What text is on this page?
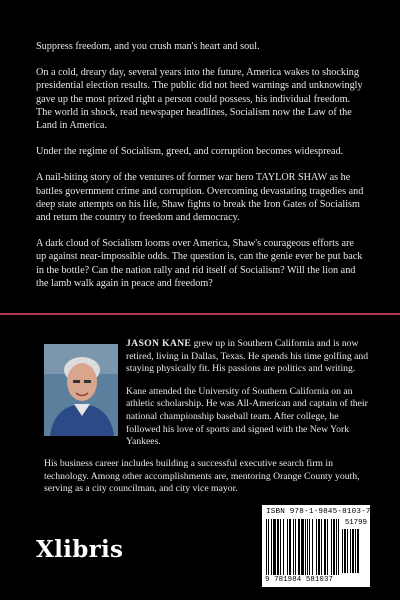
Suppress freedom, and you crush man's heart and soul.

On a cold, dreary day, several years into the future, America wakes to shocking presidential election results. The public did not heed warnings and unknowingly gave up the most prized right a person could possess, his individual freedom. The world in shock, read newspaper headlines, Socialism now the Law of the Land in America.

Under the regime of Socialism, greed, and corruption becomes widespread.

A nail-biting story of the ventures of former war hero TAYLOR SHAW as he battles government crime and corruption. Overcoming devastating tragedies and deep state attempts on his life, Shaw fights to break the Iron Gates of Socialism and return the country to freedom and democracy.

A dark cloud of Socialism looms over America, Shaw's courageous efforts are up against near-impossible odds. The question is, can the genie ever be put back in the bottle? Can the nation rally and rid itself of Socialism? Will the lion and the lamb walk again in peace and freedom?

JASON KANE grew up in Southern California and is now retired, living in Dallas, Texas. He spends his time golfing and staying physically fit. His passions are politics and writing.

Kane attended the University of Southern California on an athletic scholarship. He was All-American and captain of their national championship baseball team. After college, he followed his love of sports and signed with the New York Yankees.

His business career includes building a successful executive search firm in technology. Among other accomplishments are, mentoring Orange County youth, serving as a city councilman, and city vice mayor.

Xlibris
ISBN 978-1-9845-8103-7
51799
9 781984 581037
